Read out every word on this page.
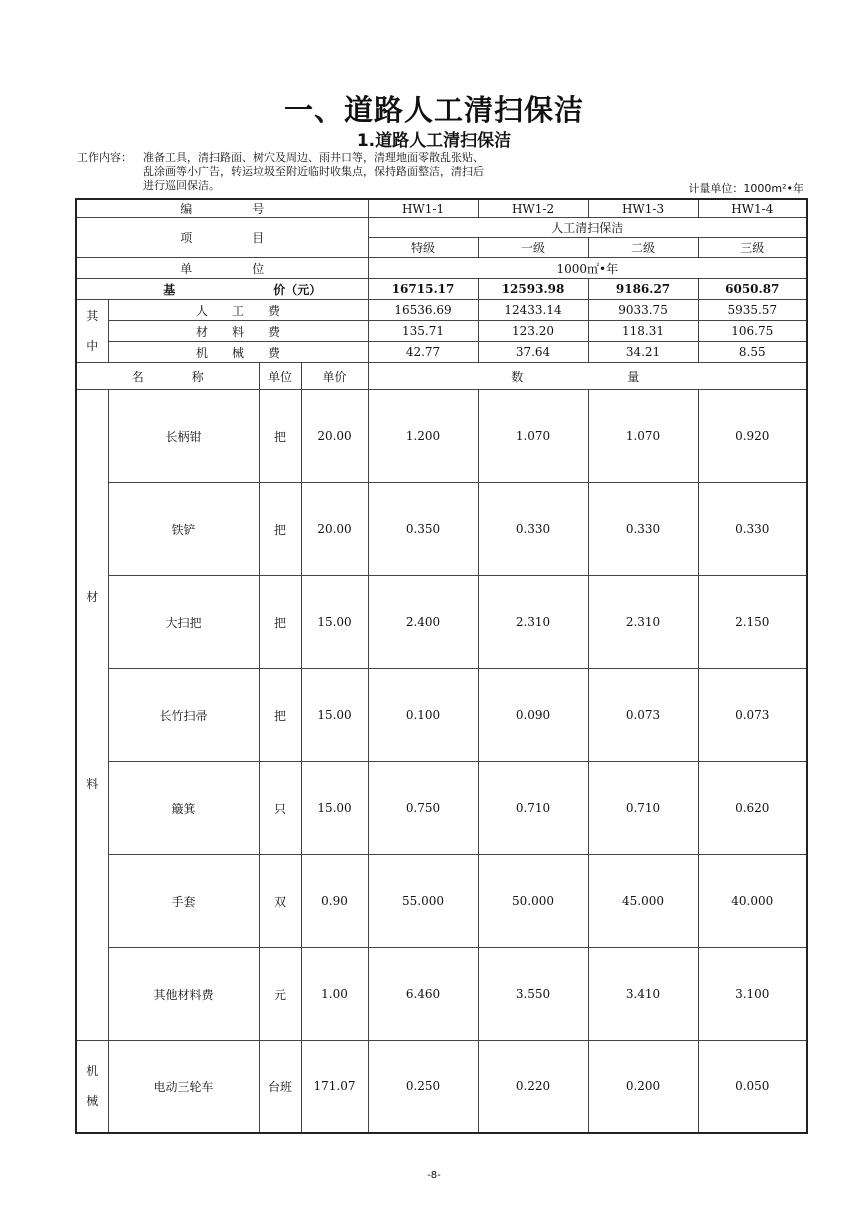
一、道路人工清扫保洁
1.道路人工清扫保洁
工作内容： 准备工具，清扫路面、树穴及周边、雨井口等，清理地面零散乱张贴、
乱涂画等小广告，转运垃圾至附近临时收集点，保持路面整洁，清扫后
进行巡回保洁。	计量单位：1000m²•年
编　　　　　号				HW1-1	HW1-2	HW1-3	HW1-4
项　　　　　目				人工清扫保洁			
				特级	一级	二级	三级
单　　　　　位				1000㎡•年			
基 价（元）				16715.17	12593.98	9186.27	6050.87

其
中	人　　工　　费			16536.69	12433.14	9033.75	5935.57
	材　　料　　费			135.71	123.20	118.31	106.75
	机　　械　　费			42.77	37.64	34.21	8.55
名　　　　称		单位	单价	数 量			

材
料	长柄钳	把	20.00	1.200	1.070	1.070	0.920
	铁铲	把	20.00	0.350	0.330	0.330	0.330
	大扫把	把	15.00	2.400	2.310	2.310	2.150
	长竹扫帚	把	15.00	0.100	0.090	0.073	0.073
	簸箕	只	15.00	0.750	0.710	0.710	0.620
	手套	双	0.90	55.000	50.000	45.000	40.000
	其他材料费	元	1.00	6.460	3.550	3.410	3.100

机
械	电动三轮车	台班	171.07	0.250	0.220	0.200	0.050
-8-
